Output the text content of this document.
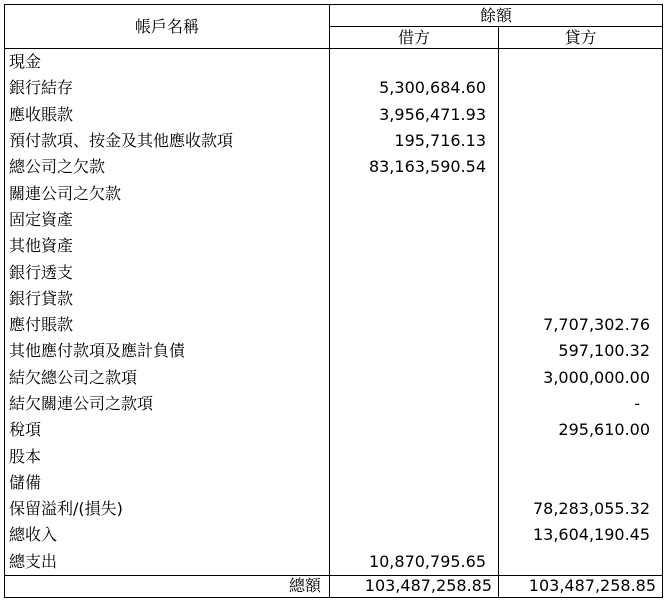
帳戶名稱	餘額	
	借方	貸方
現金		
銀行結存	5,300,684.60	
應收賬款	3,956,471.93	
預付款項、按金及其他應收款項	195,716.13	
總公司之欠款	83,163,590.54	
關連公司之欠款		
固定資產		
其他資產		
銀行透支		
銀行貸款		
應付賬款		7,707,302.76
其他應付款項及應計負債		597,100.32
結欠總公司之款項		3,000,000.00
結欠關連公司之款項		-
稅項		295,610.00
股本		
儲備		
保留溢利/(損失)		78,283,055.32
總收入		13,604,190.45
總支出	10,870,795.65	
總額	103,487,258.85	103,487,258.85
